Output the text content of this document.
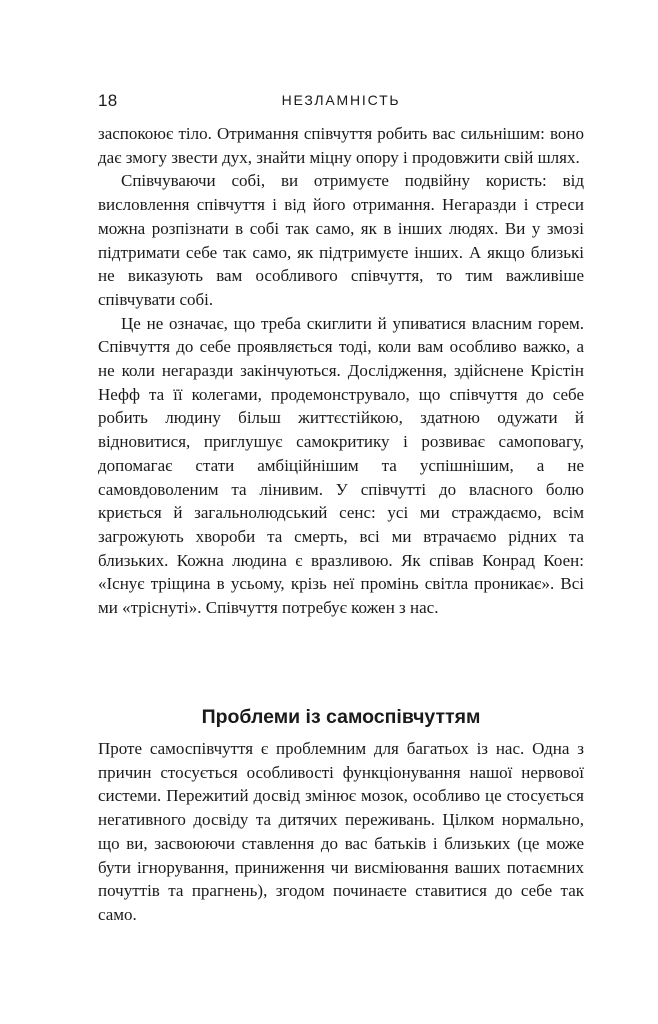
18	НЕЗЛАМНІСТЬ

заспокоює тіло. Отримання співчуття робить вас сильнішим: воно дає змогу звести дух, знайти міцну опору і продовжити свій шлях.

Співчуваючи собі, ви отримуєте подвійну користь: від висловлення співчуття і від його отримання. Негаразди і стреси можна розпізнати в собі так само, як в інших людях. Ви у змозі підтримати себе так само, як підтримуєте інших. А якщо близькі не виказують вам особливого співчуття, то тим важливіше співчувати собі.

Це не означає, що треба скиглити й упиватися власним горем. Співчуття до себе проявляється тоді, коли вам особливо важко, а не коли негаразди закінчуються. Дослідження, здійснене Крістін Нефф та її колегами, продемонструвало, що співчуття до себе робить людину більш життєстійкою, здатною одужати й відновитися, приглушує самокритику і розвиває самоповагу, допомагає стати амбіційнішим та успішнішим, а не самовдоволеним та лінивим. У співчутті до власного болю криється й загальнолюдський сенс: усі ми страждаємо, всім загрожують хвороби та смерть, всі ми втрачаємо рідних та близьких. Кожна людина є вразливою. Як співав Конрад Коен: «Існує тріщина в усьому, крізь неї промінь світла проникає». Всі ми «тріснуті». Співчуття потребує кожен з нас.

Проблеми із самоспівчуттям

Проте самоспівчуття є проблемним для багатьох із нас. Одна з причин стосується особливості функціонування нашої нервової системи. Пережитий досвід змінює мозок, особливо це стосується негативного досвіду та дитячих переживань. Цілком нормально, що ви, засвоюючи ставлення до вас батьків і близьких (це може бути ігнорування, приниження чи висміювання ваших потаємних почуттів та прагнень), згодом починаєте ставитися до себе так само.
